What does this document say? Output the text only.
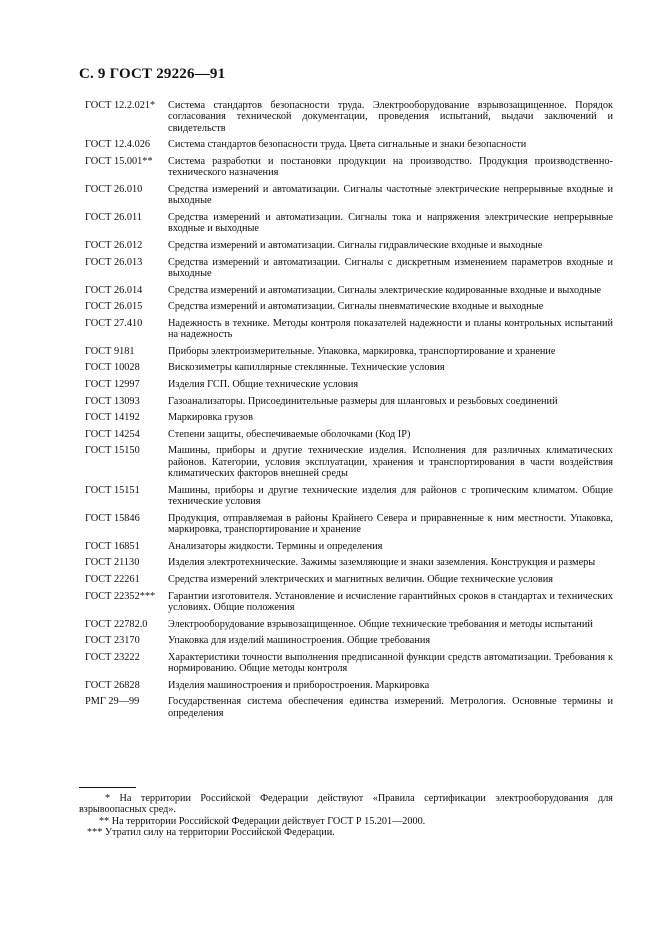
С. 9 ГОСТ 29226—91
ГОСТ 12.2.021*	Система стандартов безопасности труда. Электрооборудование взрывозащищенное. Порядок согласования технической документации, проведения испытаний, выдачи заключений и свидетельств
ГОСТ 12.4.026	Система стандартов безопасности труда. Цвета сигнальные и знаки безопасности
ГОСТ 15.001**	Система разработки и постановки продукции на производство. Продукция производственно-технического назначения
ГОСТ 26.010	Средства измерений и автоматизации. Сигналы частотные электрические непрерывные входные и выходные
ГОСТ 26.011	Средства измерений и автоматизации. Сигналы тока и напряжения электрические непрерывные входные и выходные
ГОСТ 26.012	Средства измерений и автоматизации. Сигналы гидравлические входные и выходные
ГОСТ 26.013	Средства измерений и автоматизации. Сигналы с дискретным изменением параметров входные и выходные
ГОСТ 26.014	Средства измерений и автоматизации. Сигналы электрические кодированные входные и выходные
ГОСТ 26.015	Средства измерений и автоматизации. Сигналы пневматические входные и выходные
ГОСТ 27.410	Надежность в технике. Методы контроля показателей надежности и планы контрольных испытаний на надежность
ГОСТ 9181	Приборы электроизмерительные. Упаковка, маркировка, транспортирование и хранение
ГОСТ 10028	Вискозиметры капиллярные стеклянные. Технические условия
ГОСТ 12997	Изделия ГСП. Общие технические условия
ГОСТ 13093	Газоанализаторы. Присоединительные размеры для шланговых и резьбовых соединений
ГОСТ 14192	Маркировка грузов
ГОСТ 14254	Степени защиты, обеспечиваемые оболочками (Код IP)
ГОСТ 15150	Машины, приборы и другие технические изделия. Исполнения для различных климатических районов. Категории, условия эксплуатации, хранения и транспортирования в части воздействия климатических факторов внешней среды
ГОСТ 15151	Машины, приборы и другие технические изделия для районов с тропическим климатом. Общие технические условия
ГОСТ 15846	Продукция, отправляемая в районы Крайнего Севера и приравненные к ним местности. Упаковка, маркировка, транспортирование и хранение
ГОСТ 16851	Анализаторы жидкости. Термины и определения
ГОСТ 21130	Изделия электротехнические. Зажимы заземляющие и знаки заземления. Конструкция и размеры
ГОСТ 22261	Средства измерений электрических и магнитных величин. Общие технические условия
ГОСТ 22352***	Гарантии изготовителя. Установление и исчисление гарантийных сроков в стандартах и технических условиях. Общие положения
ГОСТ 22782.0	Электрооборудование взрывозащищенное. Общие технические требования и методы испытаний
ГОСТ 23170	Упаковка для изделий машиностроения. Общие требования
ГОСТ 23222	Характеристики точности выполнения предписанной функции средств автоматизации. Требования к нормированию. Общие методы контроля
ГОСТ 26828	Изделия машиностроения и приборостроения. Маркировка
РМГ 29—99	Государственная система обеспечения единства измерений. Метрология. Основные термины и определения

* На территории Российской Федерации действуют «Правила сертификации электрооборудования для взрывоопасных сред».

** На территории Российской Федерации действует ГОСТ Р 15.201—2000.

*** Утратил силу на территории Российской Федерации.
